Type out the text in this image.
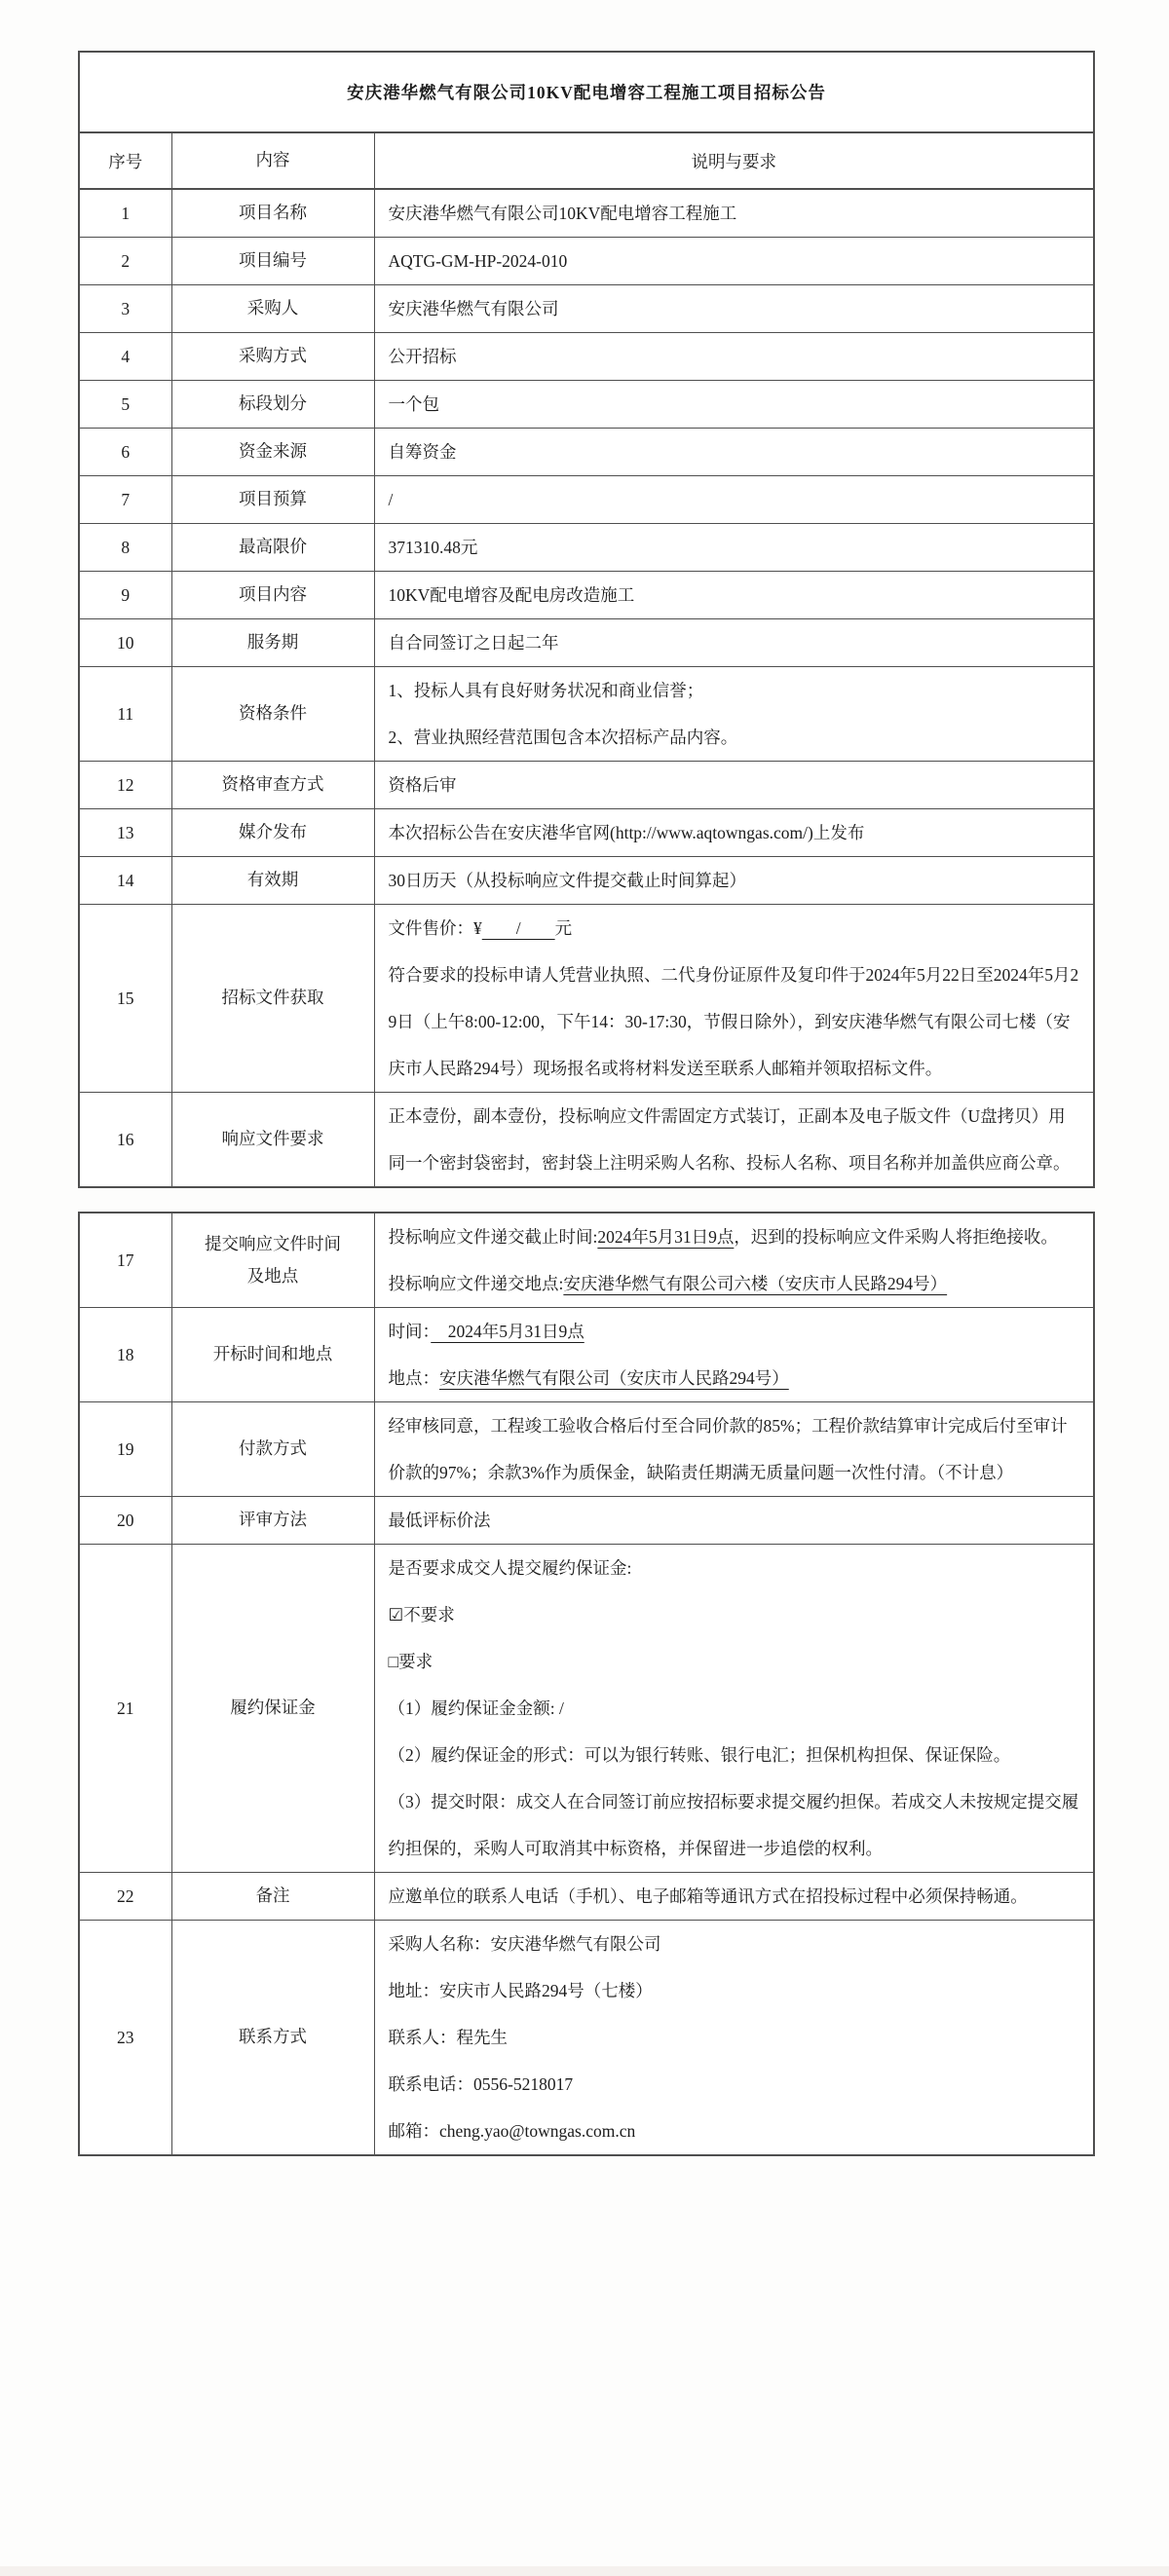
安庆港华燃气有限公司10KV配电增容工程施工项目招标公告		
序号	内容	说明与要求
1	项目名称	安庆港华燃气有限公司10KV配电增容工程施工

2	项目编号	AQTG-GM-HP-2024-010

3	采购人	安庆港华燃气有限公司

4	采购方式	公开招标

5	标段划分	一个包

6	资金来源	自筹资金

7	项目预算	/

8	最高限价	371310.48元

9	项目内容	10KV配电增容及配电房改造施工

10	服务期	自合同签订之日起二年

11	资格条件	1、投标人具有良好财务状况和商业信誉；

2、营业执照经营范围包含本次招标产品内容。

12	资格审查方式	资格后审

13	媒介发布	本次招标公告在安庆港华官网(http://www.aqtowngas.com/)上发布

14	有效期	30日历天（从投标响应文件提交截止时间算起）

15	招标文件获取	文件售价：¥　　/　　元

符合要求的投标申请人凭营业执照、二代身份证原件及复印件于2024年5月22日至2024年5月29日（上午8:00-12:00，下午14：30-17:30，节假日除外），到安庆港华燃气有限公司七楼（安庆市人民路294号）现场报名或将材料发送至联系人邮箱并领取招标文件。

16	响应文件要求	正本壹份，副本壹份，投标响应文件需固定方式装订，正副本及电子版文件（U盘拷贝）用同一个密封袋密封，密封袋上注明采购人名称、投标人名称、项目名称并加盖供应商公章。

17	提交响应文件时间及地点	投标响应文件递交截止时间:2024年5月31日9点，迟到的投标响应文件采购人将拒绝接收。

投标响应文件递交地点:安庆港华燃气有限公司六楼（安庆市人民路294号）

18	开标时间和地点	时间：　2024年5月31日9点

地点：安庆港华燃气有限公司（安庆市人民路294号）

19	付款方式	经审核同意，工程竣工验收合格后付至合同价款的85%；工程价款结算审计完成后付至审计价款的97%；余款3%作为质保金，缺陷责任期满无质量问题一次性付清。（不计息）

20	评审方法	最低评标价法

21	履约保证金	

是否要求成交人提交履约保证金:

☑不要求

□要求

（1）履约保证金金额: /

（2）履约保证金的形式：可以为银行转账、银行电汇；担保机构担保、保证保险。

（3）提交时限：成交人在合同签订前应按招标要求提交履约担保。若成交人未按规定提交履约担保的，采购人可取消其中标资格，并保留进一步追偿的权利。

22	备注	应邀单位的联系人电话（手机）、电子邮箱等通讯方式在招投标过程中必须保持畅通。

23	联系方式	采购人名称：安庆港华燃气有限公司

地址：安庆市人民路294号（七楼）

联系人：程先生

联系电话：0556-5218017

邮箱：cheng.yao@towngas.com.cn
